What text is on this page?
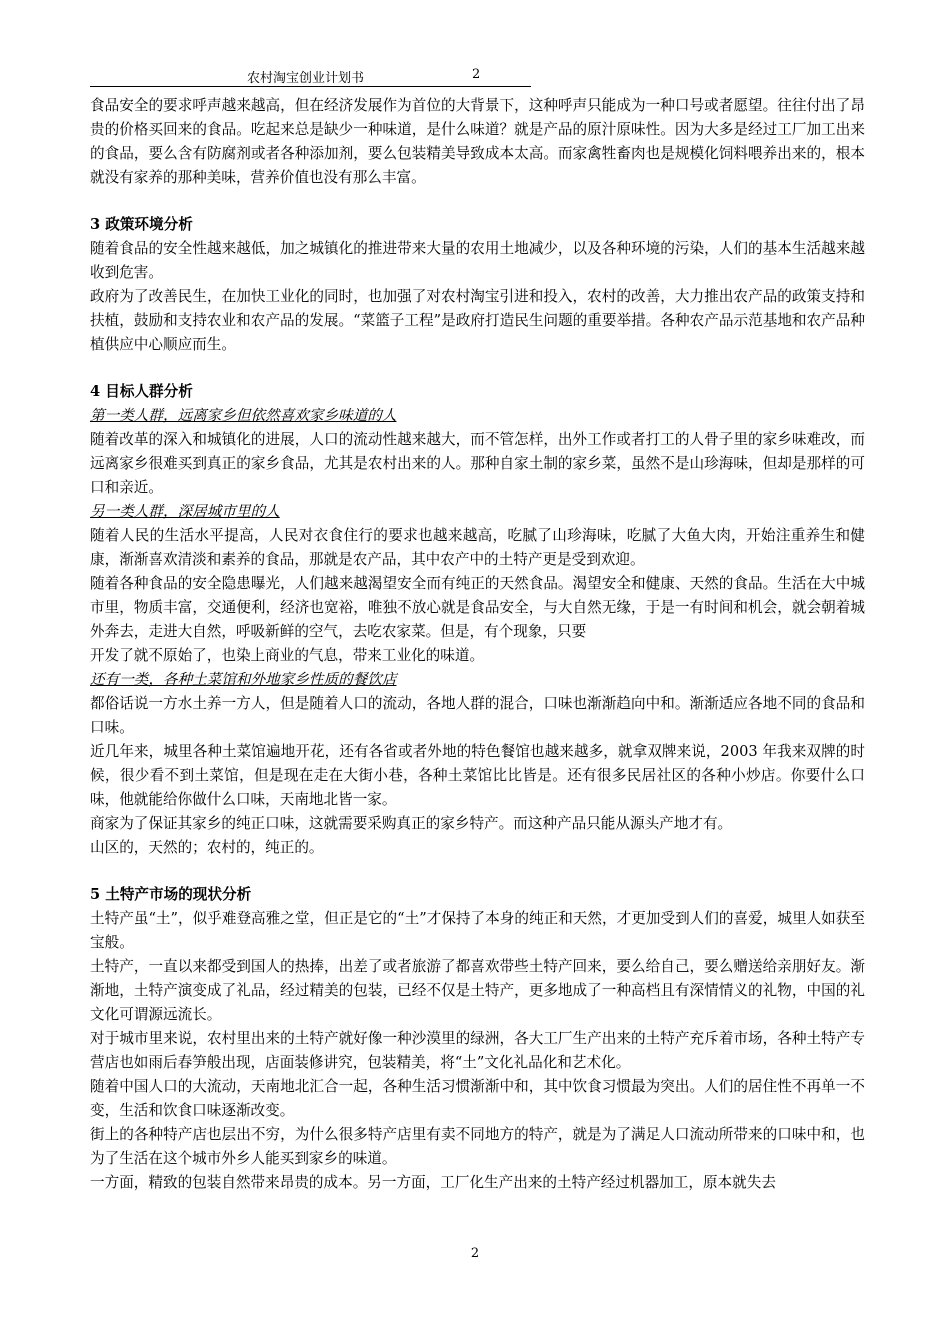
农村淘宝创业计划书	2

食品安全的要求呼声越来越高，但在经济发展作为首位的大背景下，这种呼声只能成为一种口号或者愿望。往往付出了昂贵的价格买回来的食品。吃起来总是缺少一种味道，是什么味道？就是产品的原汁原味性。因为大多是经过工厂加工出来的食品，要么含有防腐剂或者各种添加剂，要么包装精美导致成本太高。而家禽牲畜肉也是规模化饲料喂养出来的，根本就没有家养的那种美味，营养价值也没有那么丰富。

3 政策环境分析

随着食品的安全性越来越低，加之城镇化的推进带来大量的农用土地减少，以及各种环境的污染，人们的基本生活越来越收到危害。

政府为了改善民生，在加快工业化的同时，也加强了对农村淘宝引进和投入，农村的改善，大力推出农产品的政策支持和扶植，鼓励和支持农业和农产品的发展。“菜篮子工程”是政府打造民生问题的重要举措。各种农产品示范基地和农产品种植供应中心顺应而生。

4 目标人群分析

第一类人群，远离家乡但依然喜欢家乡味道的人

随着改革的深入和城镇化的进展，人口的流动性越来越大，而不管怎样，出外工作或者打工的人骨子里的家乡味难改，而远离家乡很难买到真正的家乡食品，尤其是农村出来的人。那种自家土制的家乡菜，虽然不是山珍海味，但却是那样的可口和亲近。

另一类人群，深居城市里的人

随着人民的生活水平提高，人民对衣食住行的要求也越来越高，吃腻了山珍海味，吃腻了大鱼大肉，开始注重养生和健康，渐渐喜欢清淡和素养的食品，那就是农产品，其中农产中的土特产更是受到欢迎。

随着各种食品的安全隐患曝光，人们越来越渴望安全而有纯正的天然食品。渴望安全和健康、天然的食品。生活在大中城市里，物质丰富，交通便利，经济也宽裕，唯独不放心就是食品安全，与大自然无缘，于是一有时间和机会，就会朝着城外奔去，走进大自然，呼吸新鲜的空气，去吃农家菜。但是，有个现象，只要

开发了就不原始了，也染上商业的气息，带来工业化的味道。

还有一类，各种土菜馆和外地家乡性质的餐饮店

都俗话说一方水土养一方人，但是随着人口的流动，各地人群的混合，口味也渐渐趋向中和。渐渐适应各地不同的食品和口味。

近几年来，城里各种土菜馆遍地开花，还有各省或者外地的特色餐馆也越来越多，就拿双牌来说，2003 年我来双牌的时候，很少看不到土菜馆，但是现在走在大街小巷，各种土菜馆比比皆是。还有很多民居社区的各种小炒店。你要什么口味，他就能给你做什么口味，天南地北皆一家。

商家为了保证其家乡的纯正口味，这就需要采购真正的家乡特产。而这种产品只能从源头产地才有。

山区的，天然的；农村的，纯正的。

5 土特产市场的现状分析

土特产虽“土”，似乎难登高雅之堂，但正是它的“土”才保持了本身的纯正和天然，才更加受到人们的喜爱，城里人如获至宝般。

土特产，一直以来都受到国人的热捧，出差了或者旅游了都喜欢带些土特产回来，要么给自己，要么赠送给亲朋好友。渐渐地，土特产演变成了礼品，经过精美的包装，已经不仅是土特产，更多地成了一种高档且有深情情义的礼物，中国的礼文化可谓源远流长。

对于城市里来说，农村里出来的土特产就好像一种沙漠里的绿洲，各大工厂生产出来的土特产充斥着市场，各种土特产专营店也如雨后春笋般出现，店面装修讲究，包装精美，将“土”文化礼品化和艺术化。

随着中国人口的大流动，天南地北汇合一起，各种生活习惯渐渐中和，其中饮食习惯最为突出。人们的居住性不再单一不变，生活和饮食口味逐渐改变。

街上的各种特产店也层出不穷，为什么很多特产店里有卖不同地方的特产，就是为了满足人口流动所带来的口味中和，也为了生活在这个城市外乡人能买到家乡的味道。

一方面，精致的包装自然带来昂贵的成本。另一方面，工厂化生产出来的土特产经过机器加工，原本就失去

2
